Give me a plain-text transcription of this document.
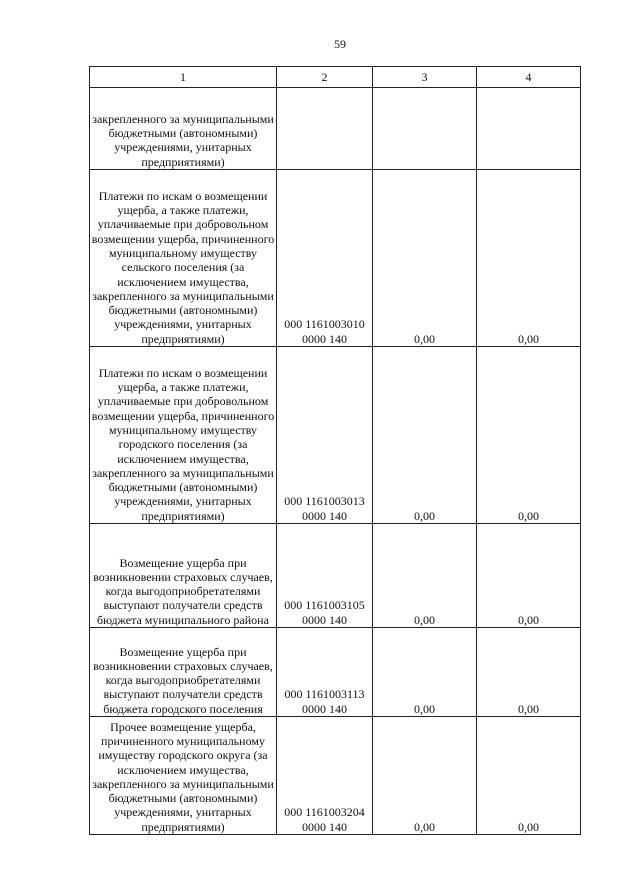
59
1	2	3	4
закрепленного за муниципальными бюджетными (автономными) учреждениями, унитарных предприятиями)			
Платежи по искам о возмещении ущерба, а также платежи, уплачиваемые при добровольном возмещении ущерба, причиненного муниципальному имуществу сельского поселения (за исключением имущества, закрепленного за муниципальными бюджетными (автономными) учреждениями, унитарных предприятиями)	000 1161003010 0000 140	0,00	0,00
Платежи по искам о возмещении ущерба, а также платежи, уплачиваемые при добровольном возмещении ущерба, причиненного муниципальному имуществу городского поселения (за исключением имущества, закрепленного за муниципальными бюджетными (автономными) учреждениями, унитарных предприятиями)	000 1161003013 0000 140	0,00	0,00
Возмещение ущерба при возникновении страховых случаев, когда выгодоприобретателями выступают получатели средств бюджета муниципального района	000 1161003105 0000 140	0,00	0,00
Возмещение ущерба при возникновении страховых случаев, когда выгодоприобретателями выступают получатели средств бюджета городского поселения	000 1161003113 0000 140	0,00	0,00
Прочее возмещение ущерба, причиненного муниципальному имуществу городского округа (за исключением имущества, закрепленного за муниципальными бюджетными (автономными) учреждениями, унитарных предприятиями)	000 1161003204 0000 140	0,00	0,00
